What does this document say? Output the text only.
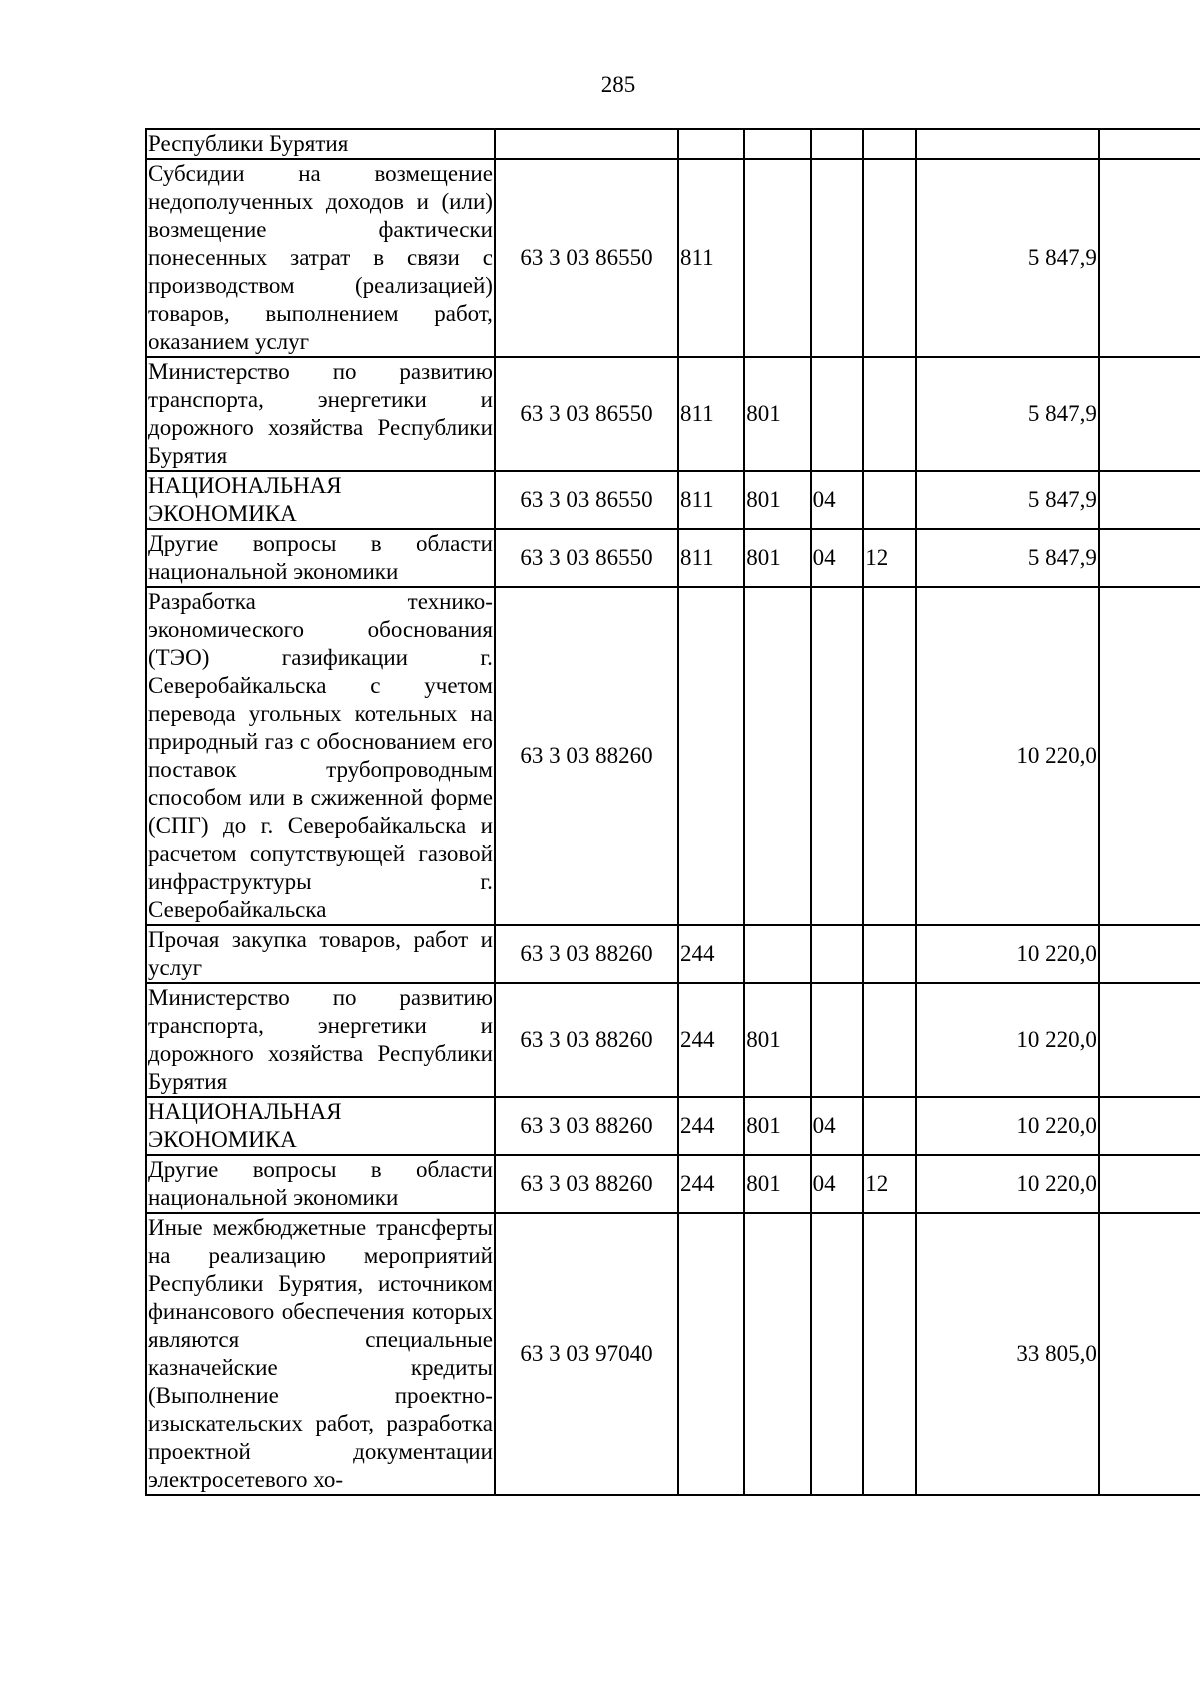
285
Республики Бурятия							
Субсидии на возмещение недополученных доходов и (или) возмещение фактически понесенных затрат в связи с производством (реализацией) товаров, выполнением работ, оказанием услуг	63 3 03 86550	811				5 847,9	
Министерство по развитию транспорта, энергетики и дорожного хозяйства Республики Бурятия	63 3 03 86550	811	801			5 847,9	
НАЦИОНАЛЬНАЯ ЭКОНОМИКА	63 3 03 86550	811	801	04		5 847,9	
Другие вопросы в области национальной экономики	63 3 03 86550	811	801	04	12	5 847,9	
Разработка технико-экономического обоснования (ТЭО) газификации г. Северобайкальска с учетом перевода угольных котельных на природный газ с обоснованием его поставок трубопроводным способом или в сжиженной форме (СПГ) до г. Северобайкальска и расчетом сопутствующей газовой инфраструктуры г. Северобайкальска	63 3 03 88260					10 220,0	
Прочая закупка товаров, работ и услуг	63 3 03 88260	244				10 220,0	
Министерство по развитию транспорта, энергетики и дорожного хозяйства Республики Бурятия	63 3 03 88260	244	801			10 220,0	
НАЦИОНАЛЬНАЯ ЭКОНОМИКА	63 3 03 88260	244	801	04		10 220,0	
Другие вопросы в области национальной экономики	63 3 03 88260	244	801	04	12	10 220,0	
Иные межбюджетные трансферты на реализацию мероприятий Республики Бурятия, источником финансового обеспечения которых являются специальные казначейские кредиты (Выполнение проектно-изыскательских работ, разработка проектной документации электросетевого хо-	63 3 03 97040					33 805,0	
